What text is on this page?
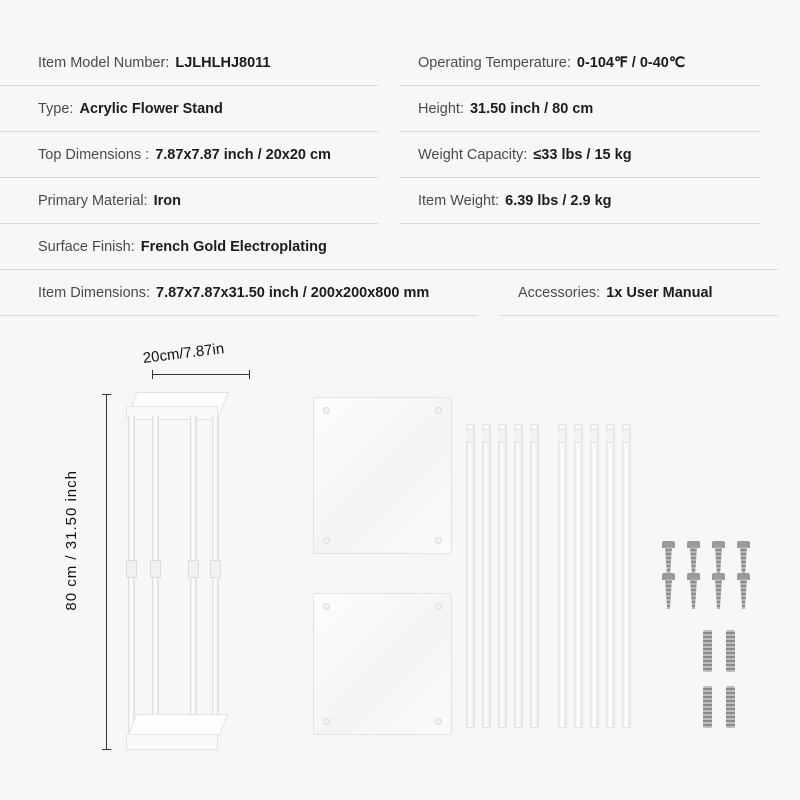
Item Model Number: LJLHLHJ8011	Operating Temperature: 0-104℉ / 0-40℃
Type: Acrylic Flower Stand	Height: 31.50 inch / 80 cm
Top Dimensions : 7.87x7.87 inch / 20x20 cm	Weight Capacity: ≤33 lbs / 15 kg
Primary Material: Iron	Item Weight: 6.39 lbs / 2.9 kg
Surface Finish: French Gold Electroplating
Item Dimensions: 7.87x7.87x31.50 inch / 200x200x800 mm	Accessories: 1x User Manual
20cm/7.87in
80 cm / 31.50 inch
